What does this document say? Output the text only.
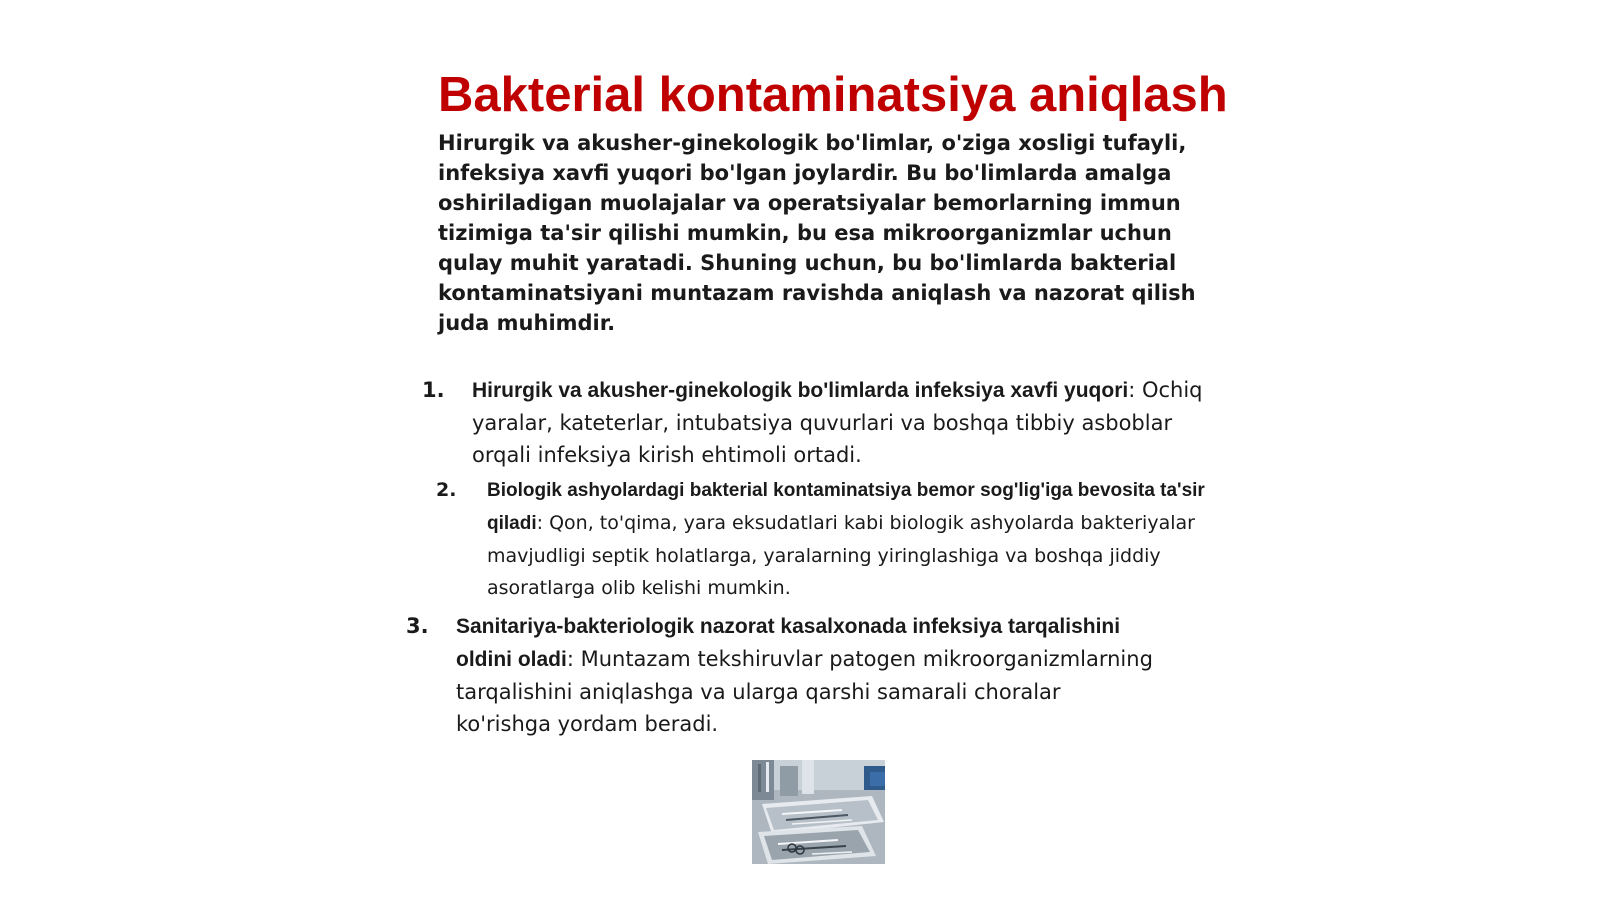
Bakterial kontaminatsiya aniqlash

Hirurgik va akusher-ginekologik bo'limlar, o'ziga xosligi tufayli, infeksiya xavfi yuqori bo'lgan joylardir. Bu bo'limlarda amalga oshiriladigan muolajalar va operatsiyalar bemorlarning immun tizimiga ta'sir qilishi mumkin, bu esa mikroorganizmlar uchun qulay muhit yaratadi. Shuning uchun, bu bo'limlarda bakterial kontaminatsiyani muntazam ravishda aniqlash va nazorat qilish juda muhimdir.

1. Hirurgik va akusher-ginekologik bo'limlarda infeksiya xavfi yuqori: Ochiq yaralar, kateterlar, intubatsiya quvurlari va boshqa tibbiy asboblar orqali infeksiya kirish ehtimoli ortadi.
2. Biologik ashyolardagi bakterial kontaminatsiya bemor sog'lig'iga bevosita ta'sir qiladi: Qon, to'qima, yara eksudatlari kabi biologik ashyolarda bakteriyalar mavjudligi septik holatlarga, yaralarning yiringlashiga va boshqa jiddiy asoratlarga olib kelishi mumkin.
3. Sanitariya-bakteriologik nazorat kasalxonada infeksiya tarqalishini oldini oladi: Muntazam tekshiruvlar patogen mikroorganizmlarning tarqalishini aniqlashga va ularga qarshi samarali choralar ko'rishga yordam beradi.
